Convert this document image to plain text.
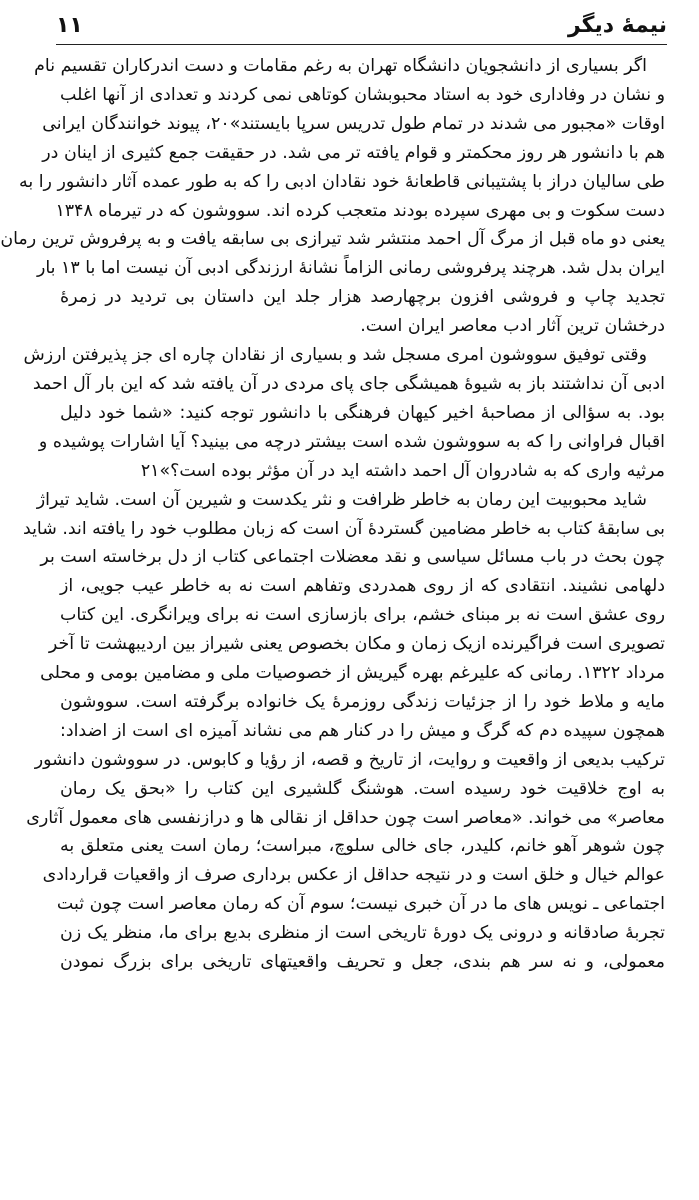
نیمهٔ دیگر
۱۱
اگر بسیاری از دانشجویان دانشگاه تهران به رغم مقامات و دست اندرکاران تقسیم نام
و نشان در وفاداری خود به استاد محبوبشان کوتاهی نمی کردند و تعدادی از آنها اغلب
اوقات «مجبور می شدند در تمام طول تدریس سرپا بایستند»۲۰، پیوند خوانندگان ایرانی
هم با دانشور هر روز محکمتر و قوام یافته تر می شد. در حقیقت جمع کثیری از اینان در
طی سالیان دراز با پشتیبانی قاطعانهٔ خود نقادان ادبی را که به طور عمده آثار دانشور را به
دست سکوت و بی مهری سپرده بودند متعجب کرده اند. سووشون که در تیرماه ۱۳۴۸
یعنی دو ماه قبل از مرگ آل احمد منتشر شد تیرازی بی سابقه یافت و به پرفروش ترین رمان
ایران بدل شد. هرچند پرفروشی رمانی الزاماً نشانهٔ ارزندگی ادبی آن نیست اما با ۱۳ بار
تجدید چاپ و فروشی افزون برچهارصد هزار جلد این داستان بی تردید در زمرهٔ
درخشان ترین آثار ادب معاصر ایران است.
وقتی توفیق سووشون امری مسجل شد و بسیاری از نقادان چاره ای جز پذیرفتن ارزش
ادبی آن نداشتند باز به شیوهٔ همیشگی جای پای مردی در آن یافته شد که این بار آل احمد
بود. به سؤالی از مصاحبهٔ اخیر کیهان فرهنگی با دانشور توجه کنید: «شما خود دلیل
اقبال فراوانی را که به سووشون شده است بیشتر درچه می بینید؟ آیا اشارات پوشیده و
مرثیه واری که به شادروان آل احمد داشته اید در آن مؤثر بوده است؟»۲۱
شاید محبوبیت این رمان به خاطر ظرافت و نثر یکدست و شیرین آن است. شاید تیراژ
بی سابقهٔ کتاب به خاطر مضامین گستردهٔ آن است که زبان مطلوب خود را یافته اند. شاید
چون بحث در باب مسائل سیاسی و نقد معضلات اجتماعی کتاب از دل برخاسته است بر
دلهامی نشیند. انتقادی که از روی همدردی وتفاهم است نه به خاطر عیب جویی، از
روی عشق است نه بر مبنای خشم، برای بازسازی است نه برای ویرانگری. این کتاب
تصویری است فراگیرنده ازیک زمان و مکان بخصوص یعنی شیراز بین اردیبهشت تا آخر
مرداد ۱۳۲۲. رمانی که علیرغم بهره گیریش از خصوصیات ملی و مضامین بومی و محلی
مایه و ملاط خود را از جزئیات زندگی روزمرهٔ یک خانواده برگرفته است. سووشون
همچون سپیده دم که گرگ و میش را در کنار هم می نشاند آمیزه ای است از اضداد:
ترکیب بدیعی از واقعیت و روایت، از تاریخ و قصه، از رؤیا و کابوس. در سووشون دانشور
به اوج خلاقیت خود رسیده است. هوشنگ گلشیری این کتاب را «بحق یک رمان
معاصر» می خواند. «معاصر است چون حداقل از نقالی ها و درازنفسی های معمول آثاری
چون شوهر آهو خانم، کلیدر، جای خالی سلوچ، مبراست؛ رمان است یعنی متعلق به
عوالم خیال و خلق است و در نتیجه حداقل از عکس برداری صرف از واقعیات قراردادی
اجتماعی ـ نویس های ما در آن خبری نیست؛ سوم آن که رمان معاصر است چون ثبت
تجربهٔ صادقانه و درونی یک دورهٔ تاریخی است از منظری بدیع برای ما، منظر یک زن
معمولی، و نه سر هم بندی، جعل و تحریف واقعیتهای تاریخی برای بزرگ نمودن
